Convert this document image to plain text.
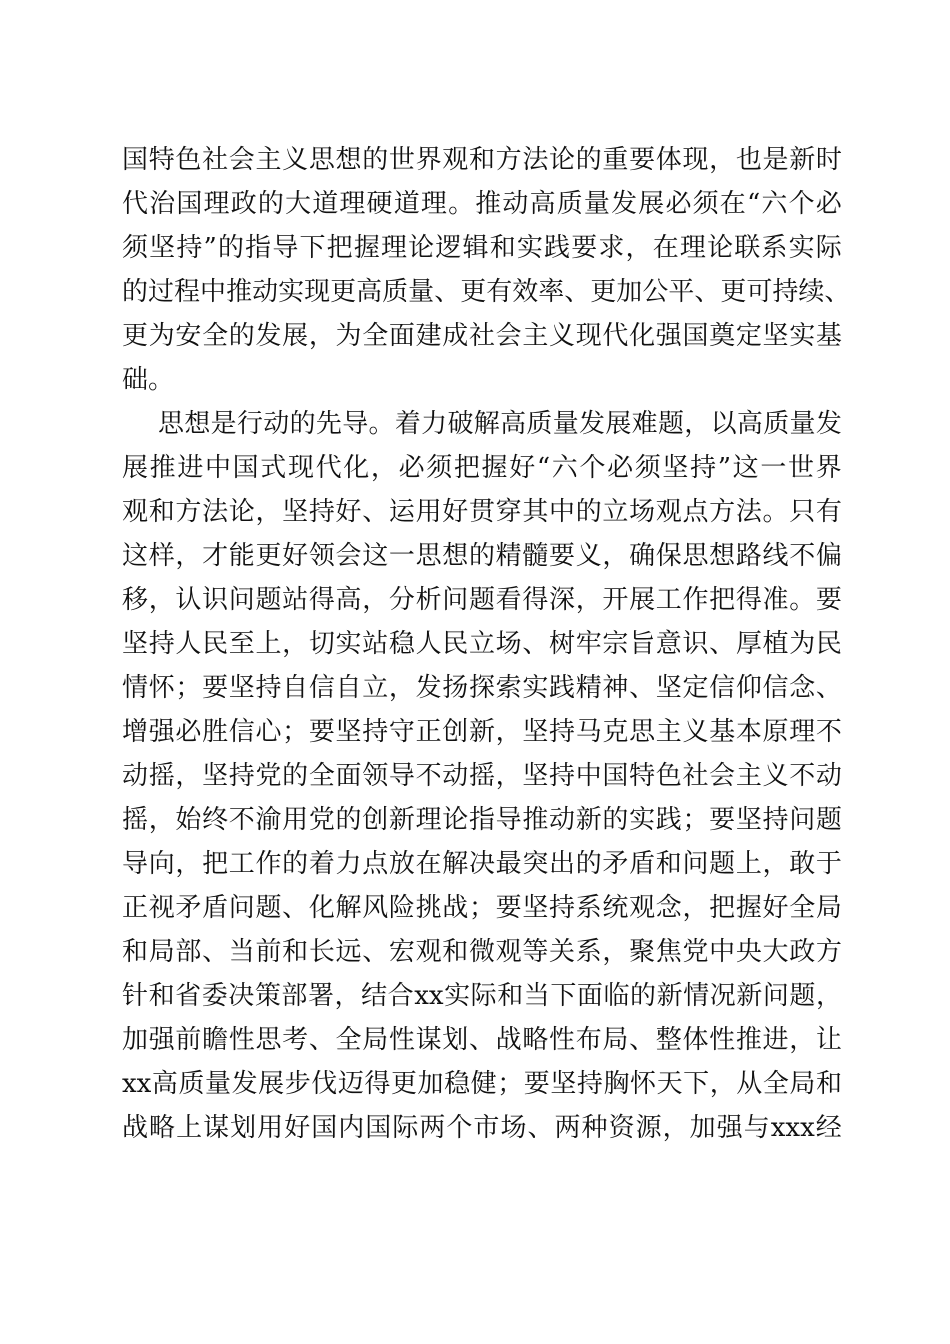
国 特 色 社 会 主 义 思 想 的 世 界 观 和 方 法 论 的 重 要 体 现 ， 也 是 新 时
代 治 国 理 政 的 大 道 理 硬 道 理 。 推 动 高 质 量 发 展 必 须 在 “ 六 个 必
须 坚 持 ” 的 指 导 下 把 握 理 论 逻 辑 和 实 践 要 求 ， 在 理 论 联 系 实 际
的 过 程 中 推 动 实 现 更 高 质 量 、 更 有 效 率 、 更 加 公 平 、 更 可 持 续 、
更 为 安 全 的 发 展 ， 为 全 面 建 成 社 会 主 义 现 代 化 强 国 奠 定 坚 实 基
础。
思 想 是 行 动 的 先 导 。 着 力 破 解 高 质 量 发 展 难 题 ， 以 高 质 量 发
展 推 进 中 国 式 现 代 化 ， 必 须 把 握 好 “ 六 个 必 须 坚 持 ” 这 一 世 界
观 和 方 法 论 ， 坚 持 好 、 运 用 好 贯 穿 其 中 的 立 场 观 点 方 法 。 只 有
这 样 ， 才 能 更 好 领 会 这 一 思 想 的 精 髓 要 义 ， 确 保 思 想 路 线 不 偏
移 ， 认 识 问 题 站 得 高 ， 分 析 问 题 看 得 深 ， 开 展 工 作 把 得 准 。 要
坚 持 人 民 至 上 ， 切 实 站 稳 人 民 立 场 、 树 牢 宗 旨 意 识 、 厚 植 为 民
情 怀 ； 要 坚 持 自 信 自 立 ， 发 扬 探 索 实 践 精 神 、 坚 定 信 仰 信 念 、
增 强 必 胜 信 心 ； 要 坚 持 守 正 创 新 ， 坚 持 马 克 思 主 义 基 本 原 理 不
动 摇 ， 坚 持 党 的 全 面 领 导 不 动 摇 ， 坚 持 中 国 特 色 社 会 主 义 不 动
摇 ， 始 终 不 渝 用 党 的 创 新 理 论 指 导 推 动 新 的 实 践 ； 要 坚 持 问 题
导 向 ， 把 工 作 的 着 力 点 放 在 解 决 最 突 出 的 矛 盾 和 问 题 上 ， 敢 于
正 视 矛 盾 问 题 、 化 解 风 险 挑 战 ； 要 坚 持 系 统 观 念 ， 把 握 好 全 局
和 局 部 、 当 前 和 长 远 、 宏 观 和 微 观 等 关 系 ， 聚 焦 党 中 央 大 政 方
针 和 省 委 决 策 部 署 ， 结 合 xx 实 际 和 当 下 面 临 的 新 情 况 新 问 题 ，
加 强 前 瞻 性 思 考 、 全 局 性 谋 划 、 战 略 性 布 局 、 整 体 性 推 进 ， 让
xx 高 质 量 发 展 步 伐 迈 得 更 加 稳 健 ； 要 坚 持 胸 怀 天 下 ， 从 全 局 和
战 略 上 谋 划 用 好 国 内 国 际 两 个 市 场 、 两 种 资 源 ， 加 强 与 xxx 经
